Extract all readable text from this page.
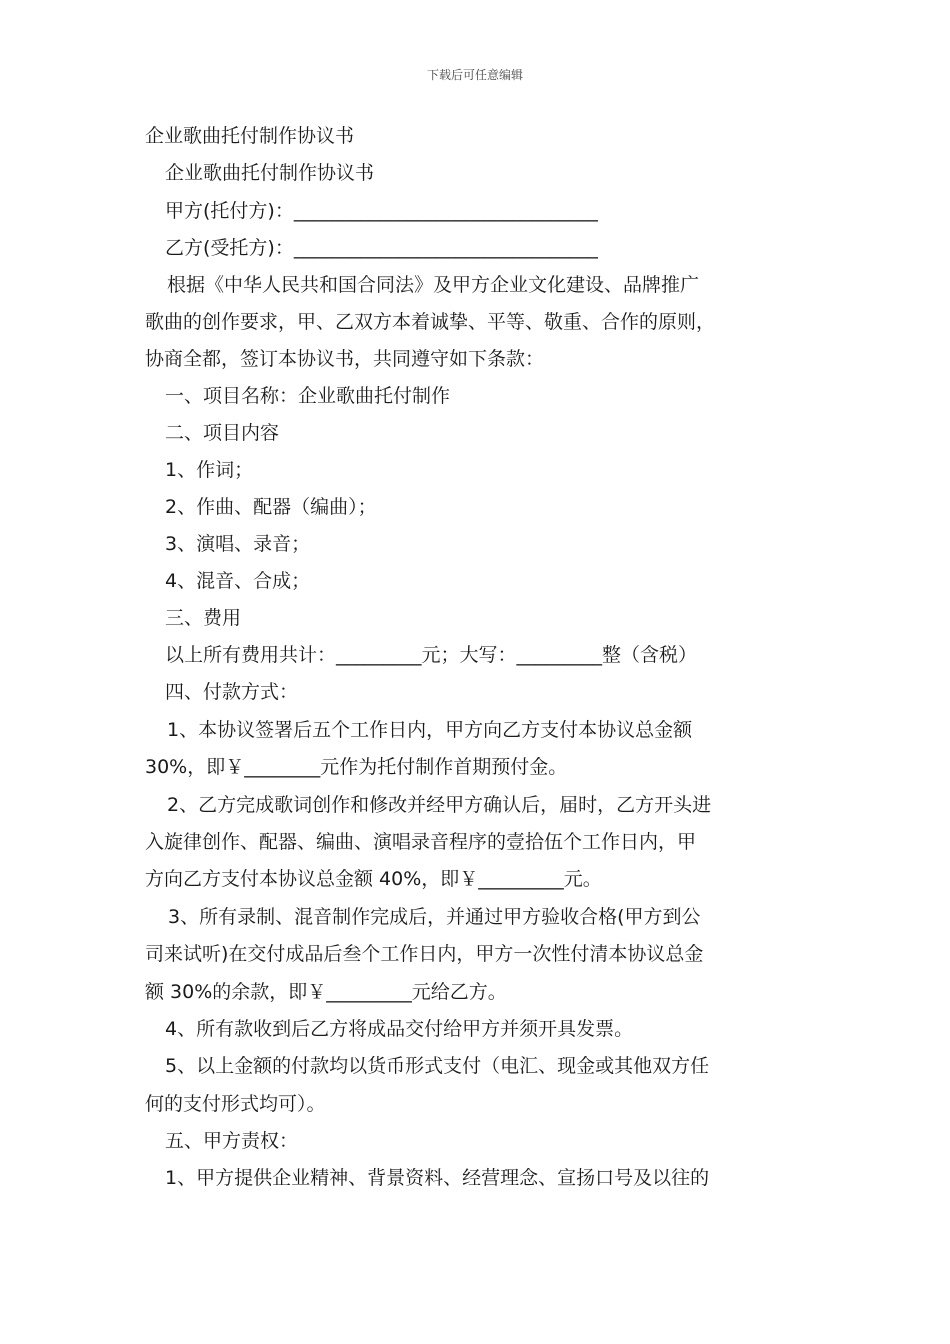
下载后可任意编辑
企业歌曲托付制作协议书
企业歌曲托付制作协议书
甲方(托付方)：________________________________
乙方(受托方)：________________________________
根据《中华人民共和国合同法》及甲方企业文化建设、品牌推广
歌曲的创作要求，甲、乙双方本着诚挚、平等、敬重、合作的原则，
协商全都，签订本协议书，共同遵守如下条款：
一、项目名称：企业歌曲托付制作
二、项目内容
1、作词；
2、作曲、配器（编曲）；
3、演唱、录音；
4、混音、合成；
三、费用
以上所有费用共计：_________元；大写：_________整（含税）
四、付款方式：
1、本协议签署后五个工作日内，甲方向乙方支付本协议总金额
30%，即￥________元作为托付制作首期预付金。
2、乙方完成歌词创作和修改并经甲方确认后，届时，乙方开头进
入旋律创作、配器、编曲、演唱录音程序的壹拾伍个工作日内，甲
方向乙方支付本协议总金额 40%，即￥_________元。
3、所有录制、混音制作完成后，并通过甲方验收合格(甲方到公
司来试听)在交付成品后叁个工作日内，甲方一次性付清本协议总金
额 30%的余款，即￥_________元给乙方。
4、所有款收到后乙方将成品交付给甲方并须开具发票。
5、以上金额的付款均以货币形式支付（电汇、现金或其他双方任
何的支付形式均可）。
五、甲方责权：
1、甲方提供企业精神、背景资料、经营理念、宣扬口号及以往的
